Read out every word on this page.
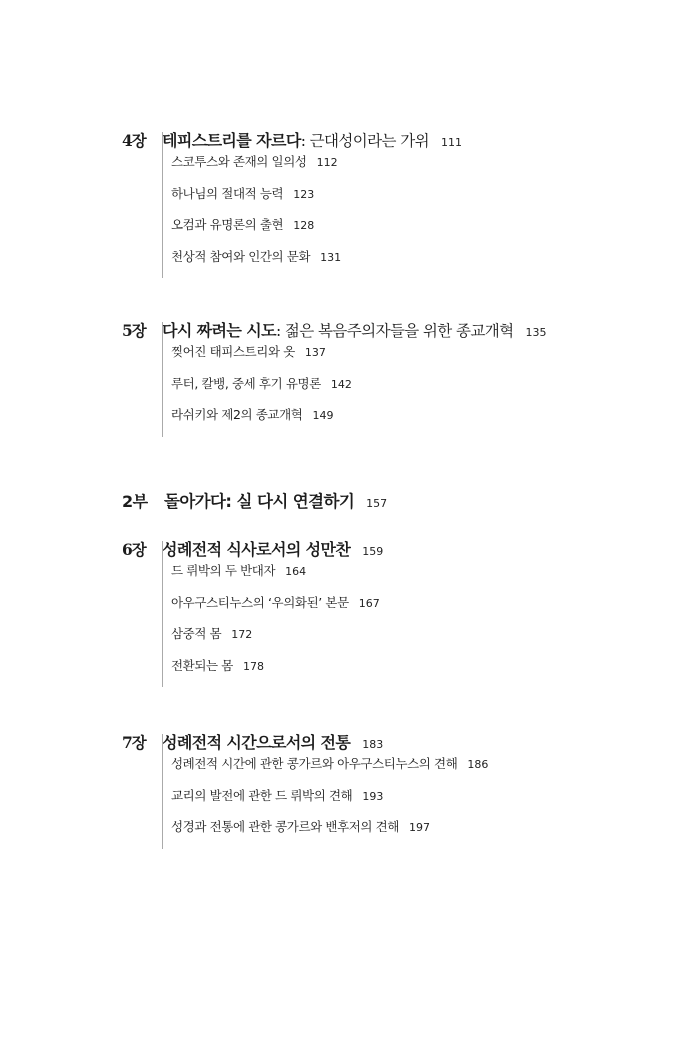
4장	테피스트리를 자르다: 근대성이라는 가위 111
스코투스와 존재의 일의성 112
하나님의 절대적 능력 123
오컴과 유명론의 출현 128
천상적 참여와 인간의 문화 131
5장	다시 짜려는 시도: 젊은 복음주의자들을 위한 종교개혁 135
찢어진 태피스트리와 옷 137
루터, 칼뱅, 중세 후기 유명론 142
라쉬키와 제2의 종교개혁 149
2부 돌아가다: 실 다시 연결하기 157
6장	성례전적 식사로서의 성만찬 159
드 뤼박의 두 반대자 164
아우구스티누스의 ‘우의화된’ 본문 167
삼중적 몸 172
전환되는 몸 178
7장	성례전적 시간으로서의 전통 183
성례전적 시간에 관한 콩가르와 아우구스티누스의 견해 186
교리의 발전에 관한 드 뤼박의 견해 193
성경과 전통에 관한 콩가르와 밴후저의 견해 197
